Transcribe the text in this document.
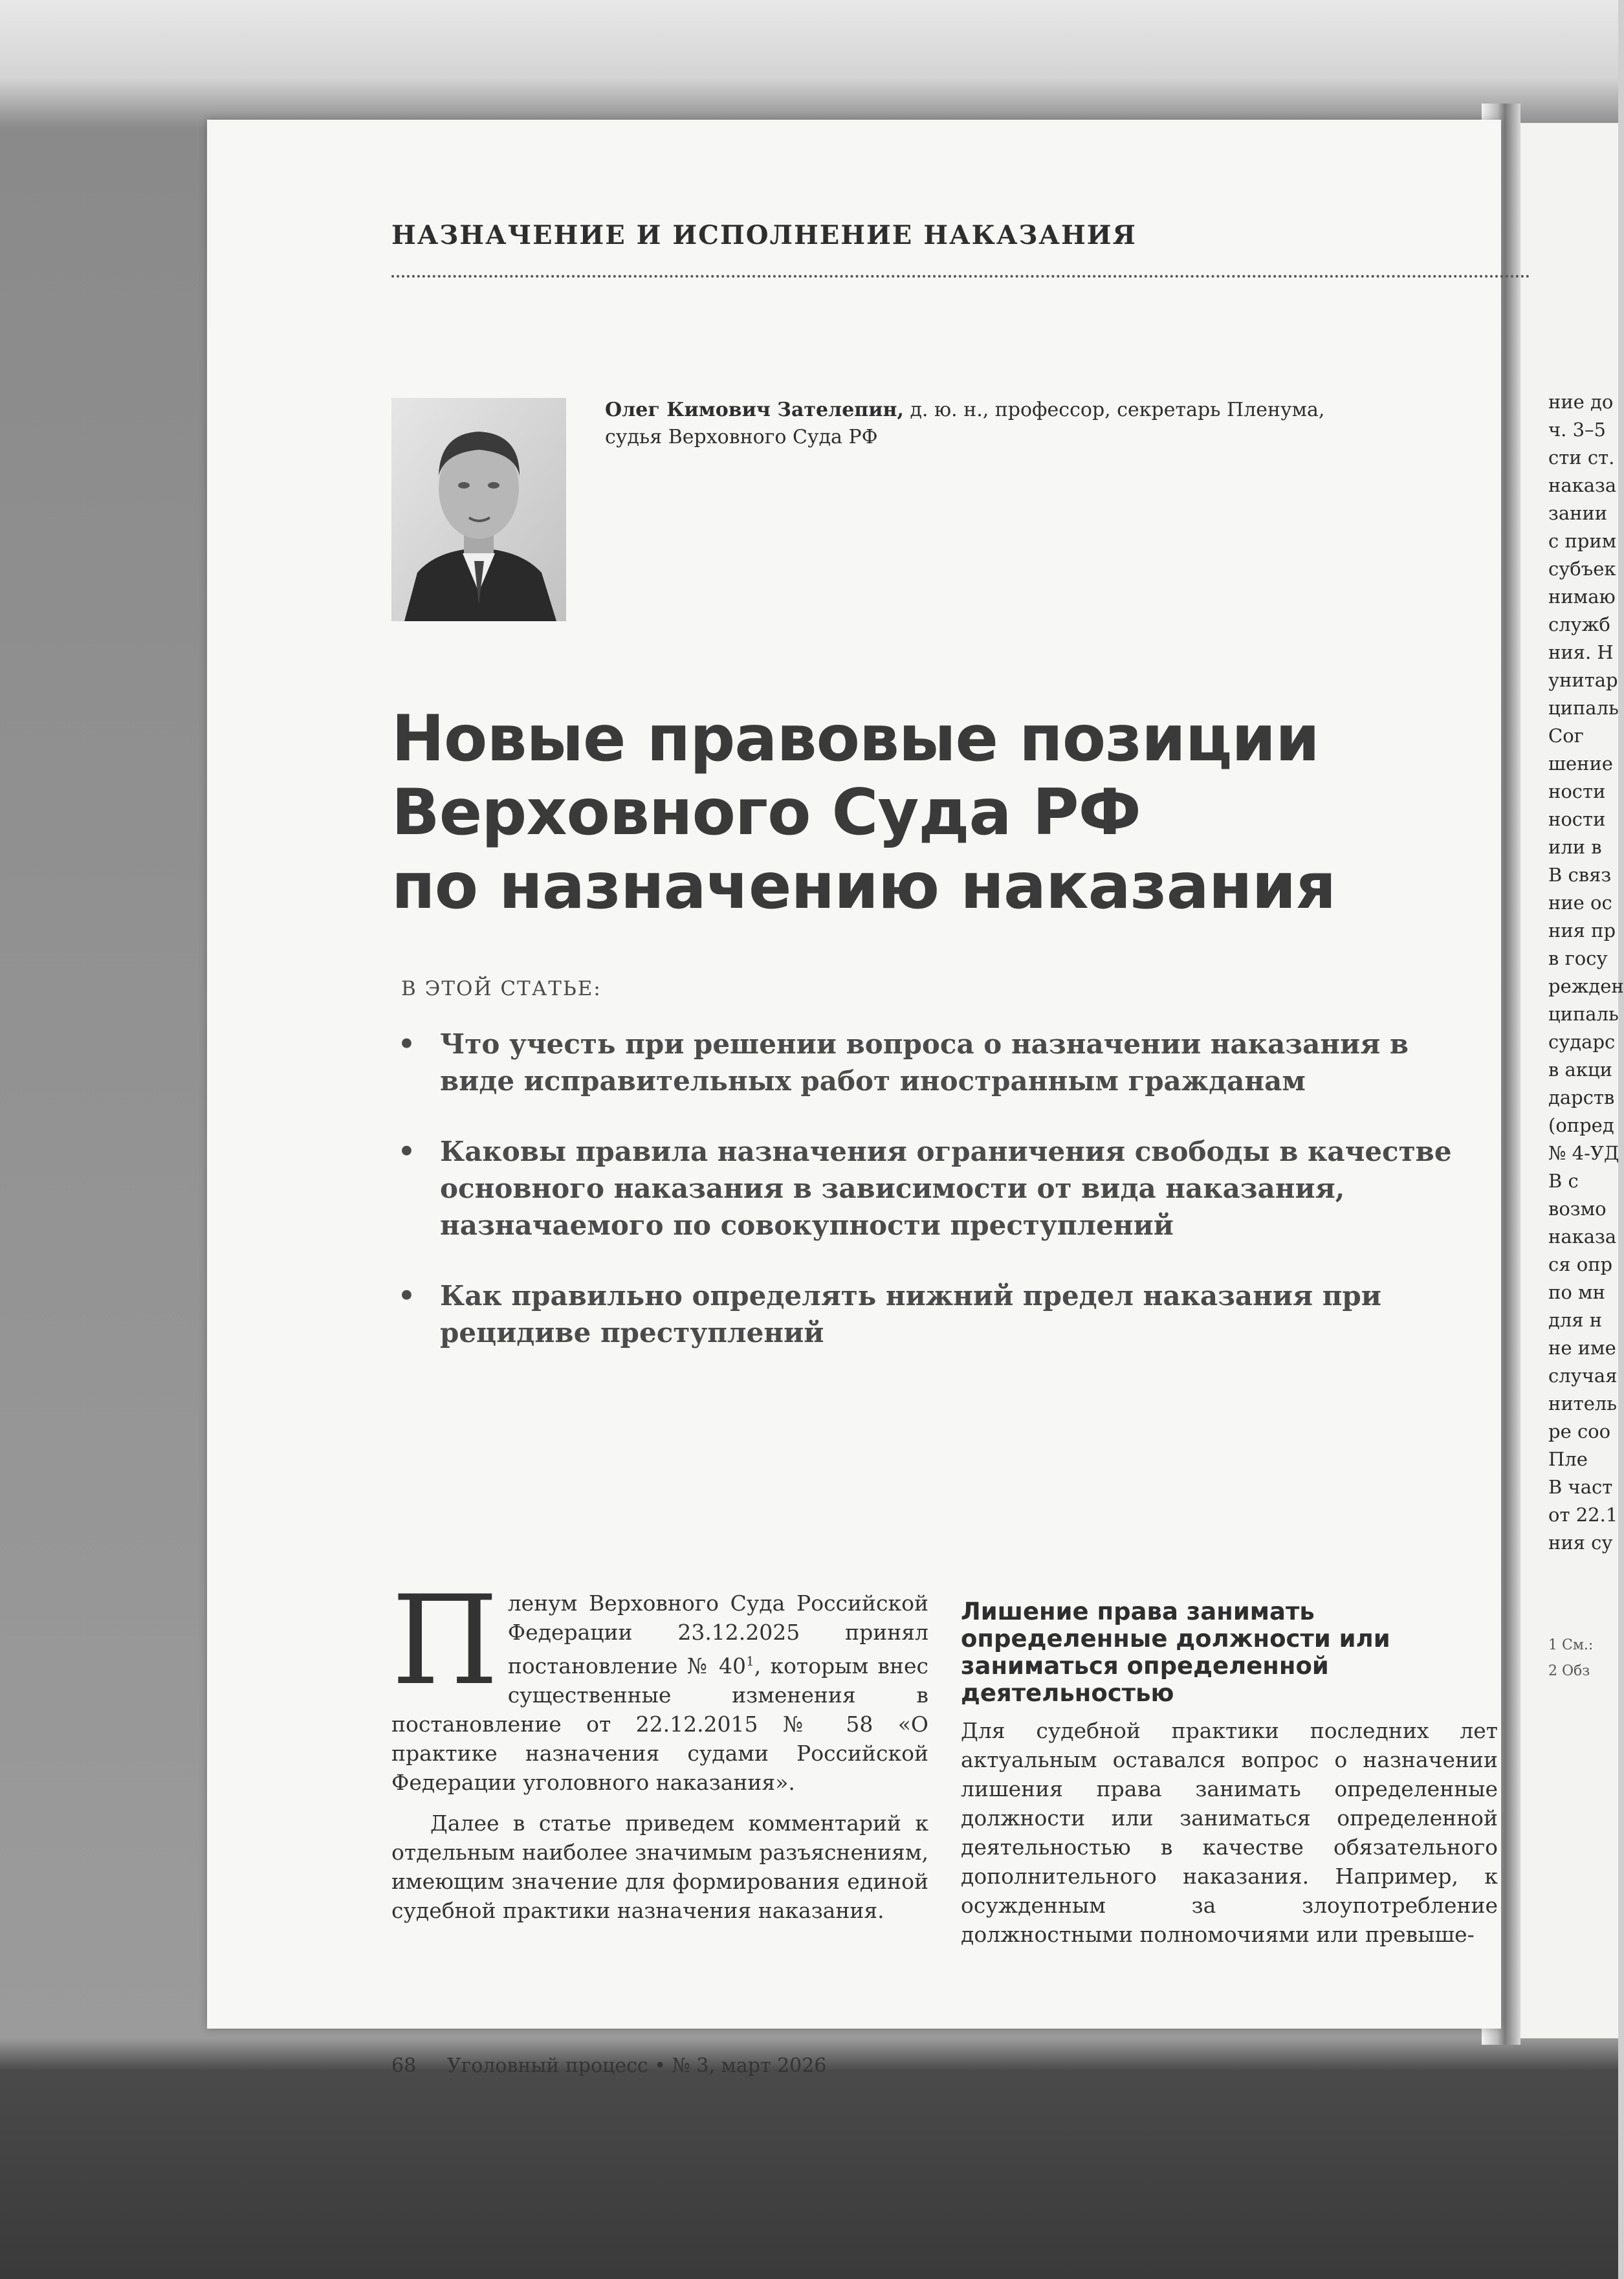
ние до
ч. 3–5
сти ст.
наказа
зании
с прим
субъек
нимаю
служб
ния. Н
унитар
ципаль
Сог
шение
ности
ности
или в
В связ
ние ос
ния пр
в госу
режден
ципаль
сударс
в акци
дарств
(опред
№ 4-УД
В с
возмо
наказа
ся опр
по мн
для н
не име
случая
нитель
ре соо
Пле
В част
от 22.1
ния су
1 См.:
2 Обз
НАЗНАЧЕНИЕ И ИСПОЛНЕНИЕ НАКАЗАНИЯ
Олег Кимович Зателепин, д. ю. н., профессор, секретарь Пленума, судья Верховного Суда РФ
Новые правовые позиции
Верховного Суда РФ
по назначению наказания
В ЭТОЙ СТАТЬЕ:
• Что учесть при решении вопроса о назначении наказания в виде исправительных работ иностранным гражданам
• Каковы правила назначения ограничения свободы в качестве основного наказания в зависимости от вида наказания, назначаемого по совокупности преступлений
• Как правильно определять нижний предел наказания при рецидиве преступлений
П ленум Верховного Суда Российской Федерации 23.12.2025 принял постановление № $40^1$, которым внес существенные изменения в постановление от 22.12.2015 № 58 «О практике назначения судами Российской Федерации уголовного наказания».

Далее в статье приведем комментарий к отдельным наиболее значимым разъяснениям, имеющим значение для формирования единой судебной практики назначения наказания.

Лишение права занимать определенные должности или заниматься определенной деятельностью

Для судебной практики последних лет актуальным оставался вопрос о назначении лишения права занимать определенные должности или заниматься определенной деятельностью в качестве обязательного дополнительного наказания. Например, к осужденным за злоупотребление должностными полномочиями или превыше-

68 Уголовный процесс • № 3, март 2026
